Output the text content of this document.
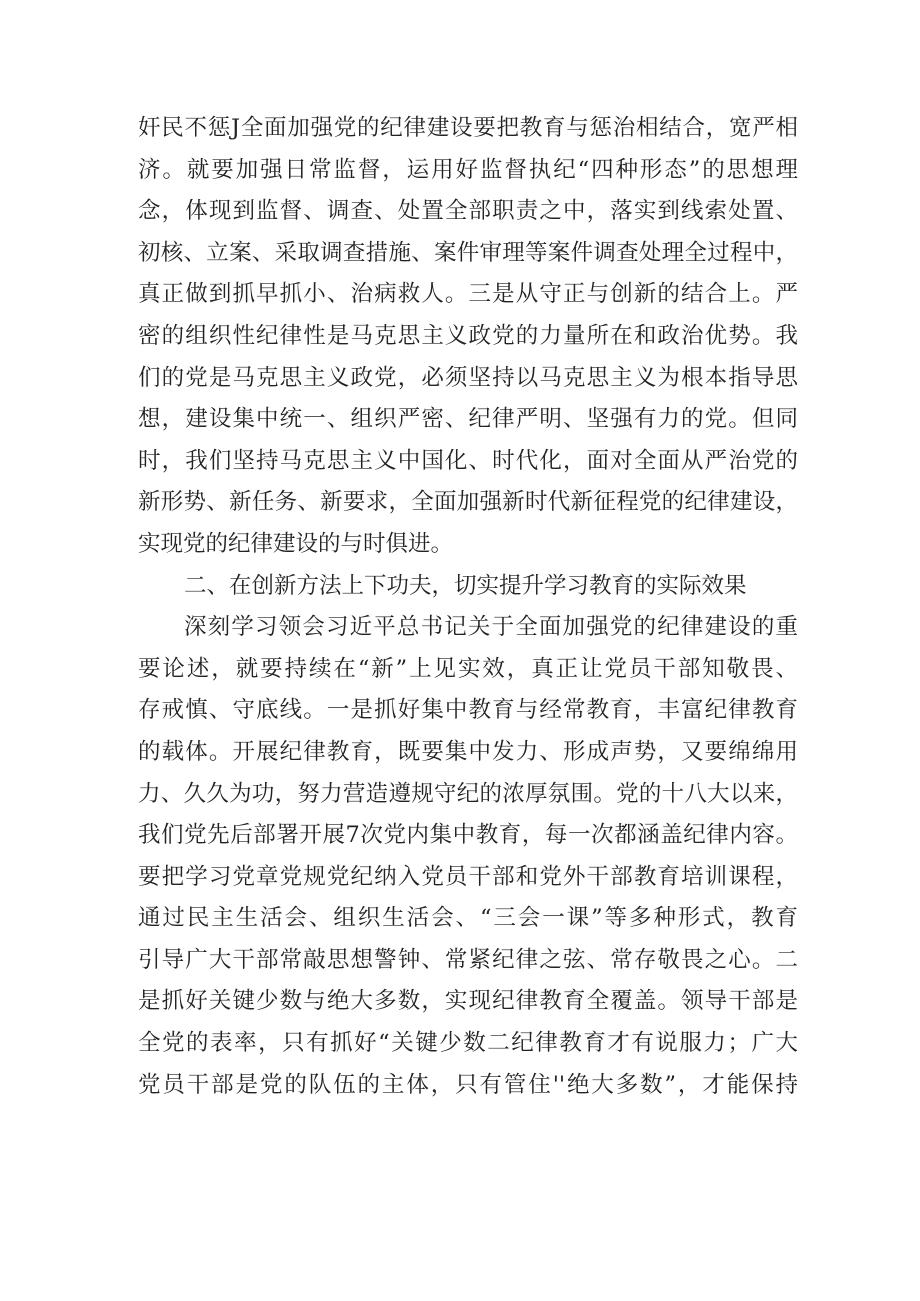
奸民不惩J全面加强党的纪律建设要把教育与惩治相结合，宽严相
济。就要加强日常监督，运用好监督执纪“四种形态”的思想理
念，体现到监督、调查、处置全部职责之中，落实到线索处置、
初核、立案、采取调查措施、案件审理等案件调查处理全过程中，
真正做到抓早抓小、治病救人。三是从守正与创新的结合上。严
密的组织性纪律性是马克思主义政党的力量所在和政治优势。我
们的党是马克思主义政党，必须坚持以马克思主义为根本指导思
想，建设集中统一、组织严密、纪律严明、坚强有力的党。但同
时，我们坚持马克思主义中国化、时代化，面对全面从严治党的
新形势、新任务、新要求，全面加强新时代新征程党的纪律建设，
实现党的纪律建设的与时俱进。
二、在创新方法上下功夫，切实提升学习教育的实际效果
深刻学习领会习近平总书记关于全面加强党的纪律建设的重
要论述，就要持续在“新”上见实效，真正让党员干部知敬畏、
存戒慎、守底线。一是抓好集中教育与经常教育，丰富纪律教育
的载体。开展纪律教育，既要集中发力、形成声势，又要绵绵用
力、久久为功，努力营造遵规守纪的浓厚氛围。党的十八大以来，
我们党先后部署开展7次党内集中教育，每一次都涵盖纪律内容。
要把学习党章党规党纪纳入党员干部和党外干部教育培训课程，
通过民主生活会、组织生活会、“三会一课”等多种形式，教育
引导广大干部常敲思想警钟、常紧纪律之弦、常存敬畏之心。二
是抓好关键少数与绝大多数，实现纪律教育全覆盖。领导干部是
全党的表率，只有抓好“关键少数二纪律教育才有说服力；广大
党员干部是党的队伍的主体，只有管住''绝大多数”，才能保持
